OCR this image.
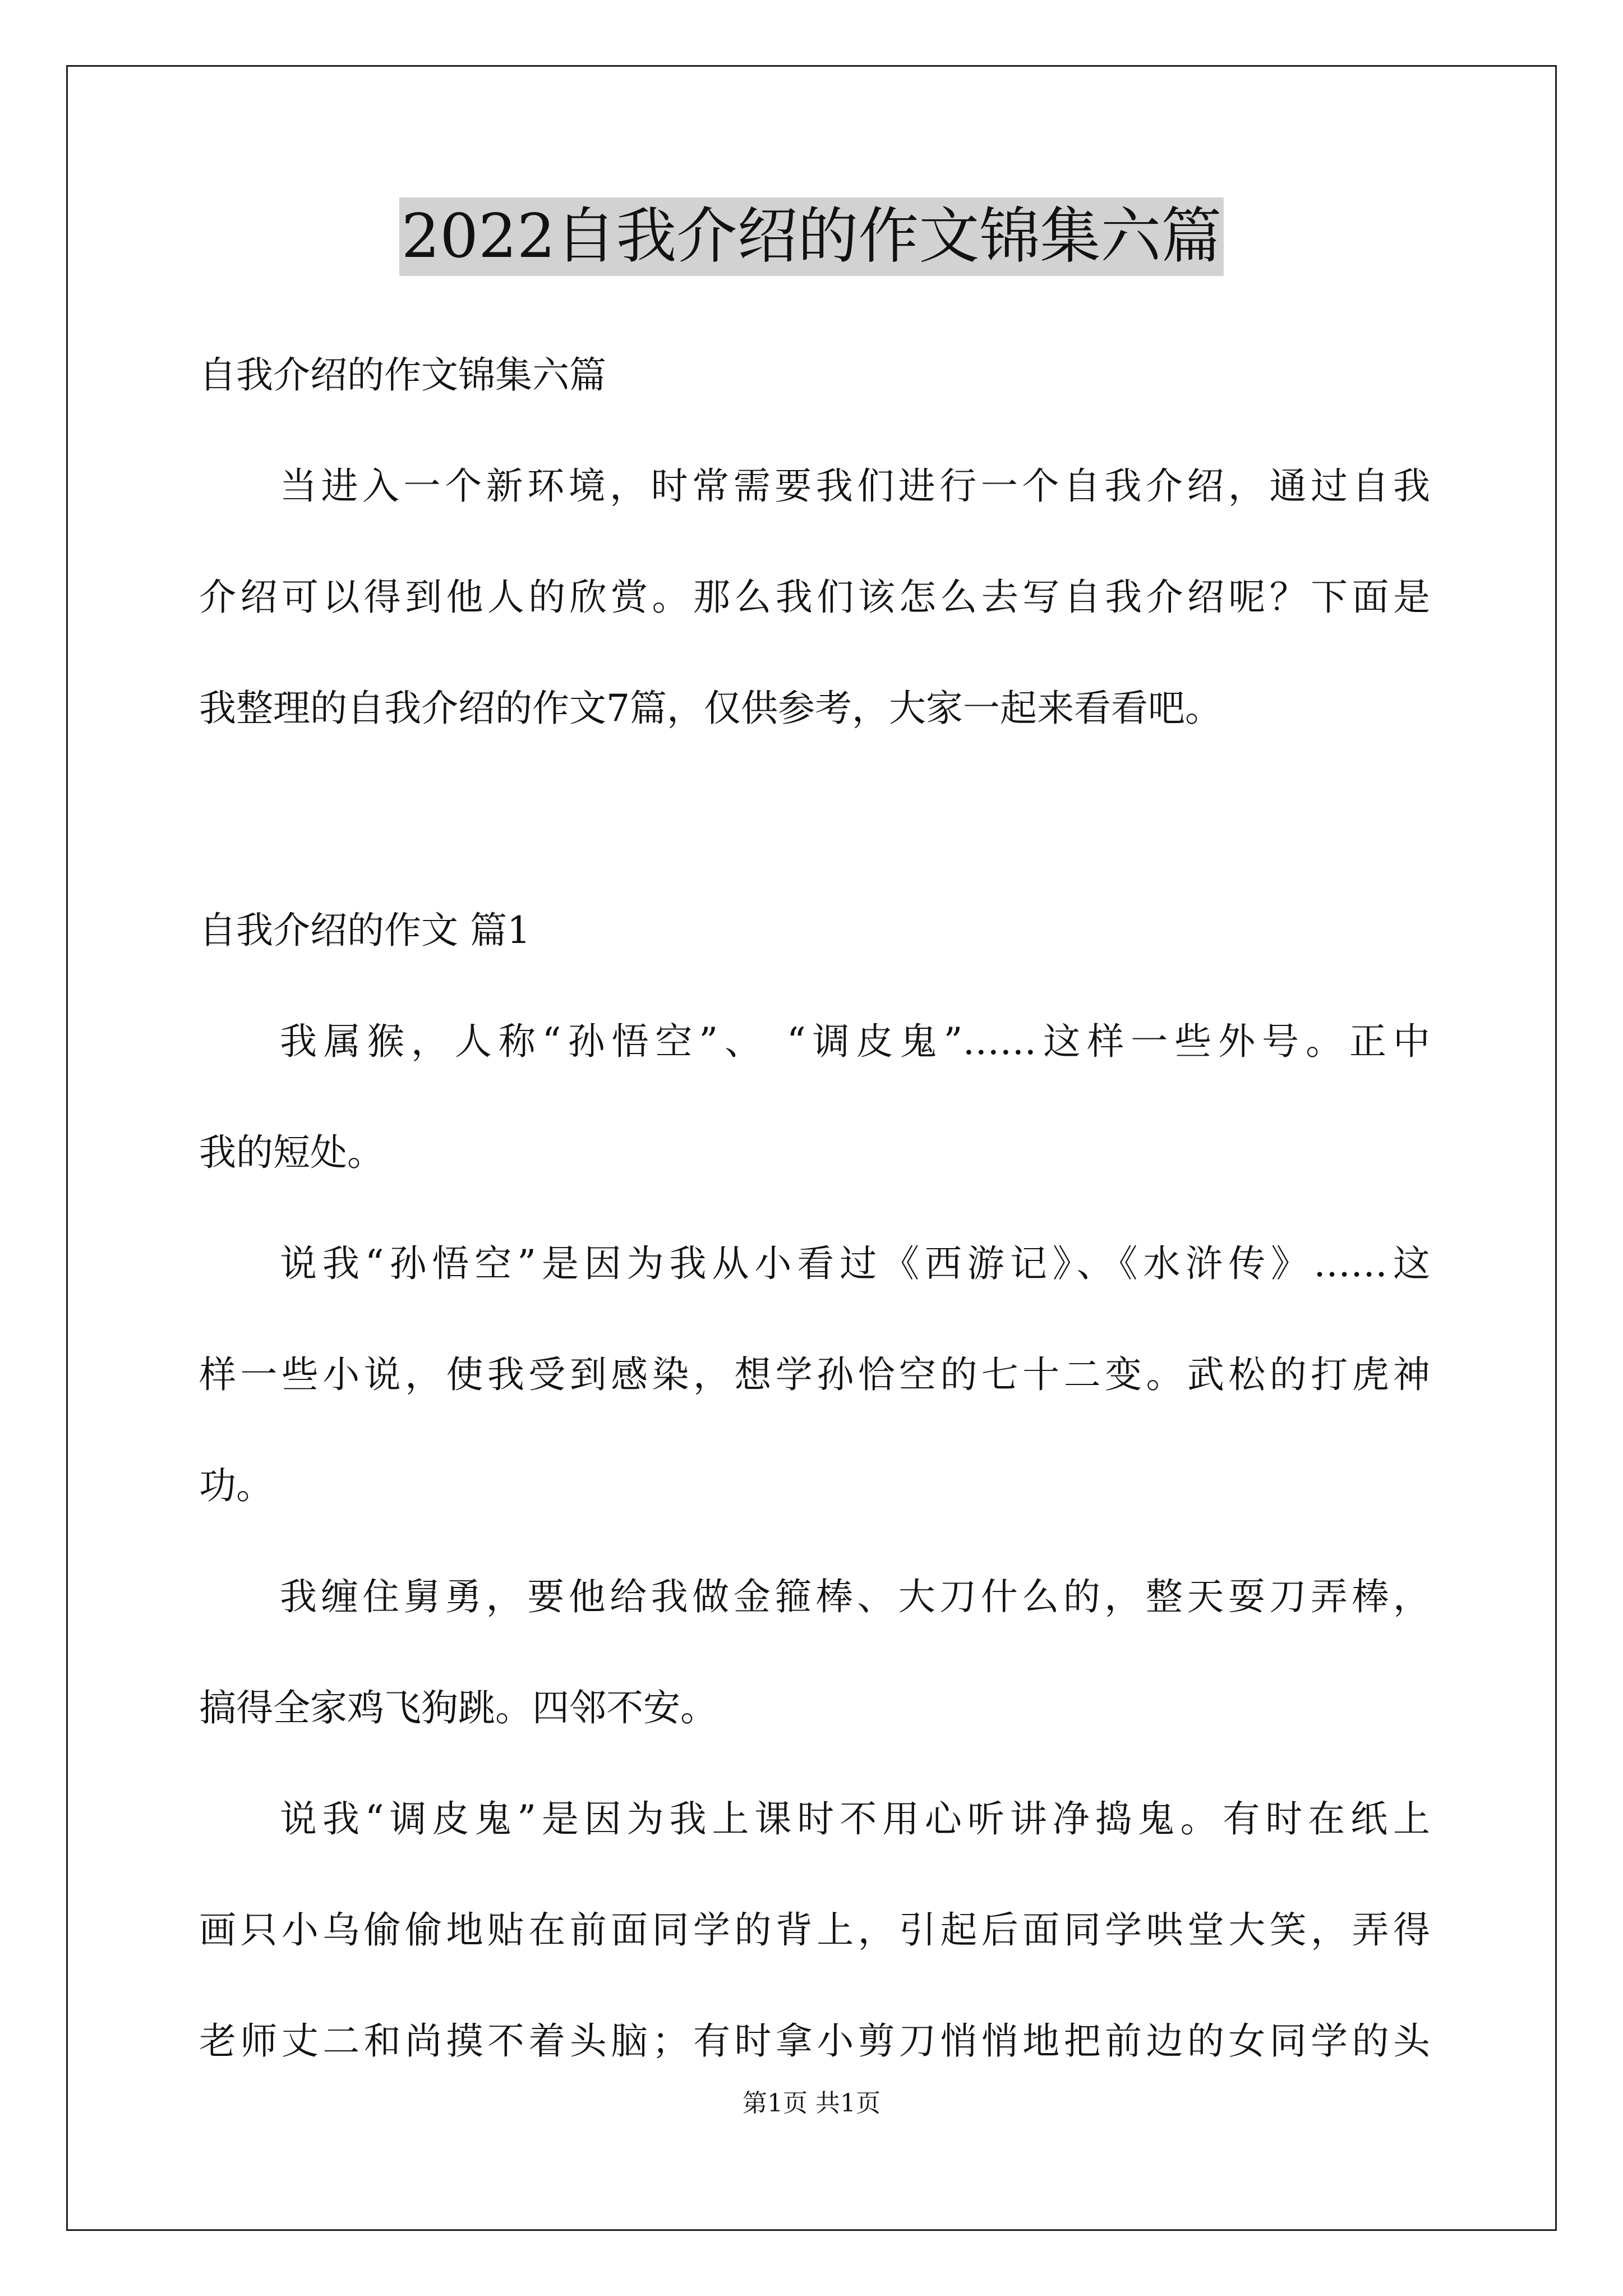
2022自我介绍的作文锦集六篇
自我介绍的作文锦集六篇
当进入一个新环境，时常需要我们进行一个自我介绍，通过自我
介绍可以得到他人的欣赏。那么我们该怎么去写自我介绍呢？下面是
我整理的自我介绍的作文7篇，仅供参考，大家一起来看看吧。
自我介绍的作文 篇1
我属猴，人称“孙悟空”、 “调皮鬼”……这样一些外号。正中
我的短处。
说我“孙悟空”是因为我从小看过《西游记》、《水浒传》……这
样一些小说，使我受到感染，想学孙恰空的七十二变。武松的打虎神
功。
我缠住舅勇，要他给我做金箍棒、大刀什么的，整天耍刀弄棒，
搞得全家鸡飞狗跳。四邻不安。
说我“调皮鬼”是因为我上课时不用心听讲净捣鬼。有时在纸上
画只小乌偷偷地贴在前面同学的背上，引起后面同学哄堂大笑，弄得
老师丈二和尚摸不着头脑；有时拿小剪刀悄悄地把前边的女同学的头
第1页 共1页
